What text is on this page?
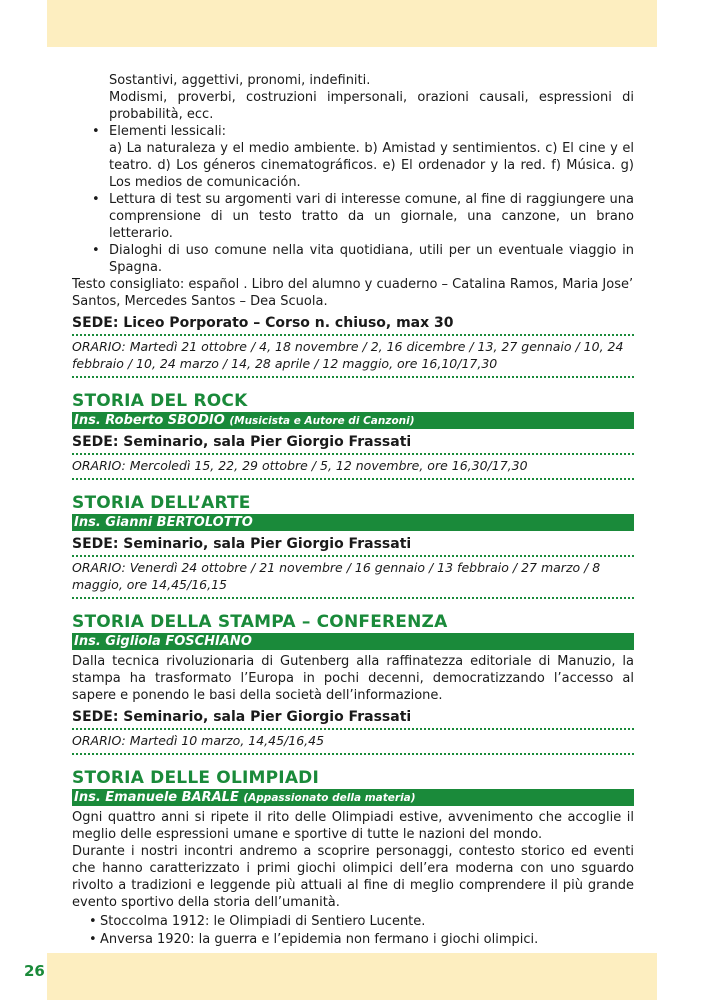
Sostantivi, aggettivi, pronomi, indefiniti.
Modismi, proverbi, costruzioni impersonali, orazioni causali, espressioni di probabilità, ecc.
• Elementi lessicali:
a) La naturaleza y el medio ambiente. b) Amistad y sentimientos. c) El cine y el teatro. d) Los géneros cinematográficos. e) El ordenador y la red. f) Música. g) Los medios de comunicación.
• Lettura di test su argomenti vari di interesse comune, al fine di raggiungere una comprensione di un testo tratto da un giornale, una canzone, un brano letterario.
• Dialoghi di uso comune nella vita quotidiana, utili per un eventuale viaggio in Spagna.
Testo consigliato: español . Libro del alumno y cuaderno – Catalina Ramos, Maria Jose’ Santos, Mercedes Santos – Dea Scuola.
SEDE: Liceo Porporato – Corso n. chiuso, max 30
ORARIO: Martedì 21 ottobre / 4, 18 novembre / 2, 16 dicembre / 13, 27 gennaio / 10, 24 febbraio / 10, 24 marzo / 14, 28 aprile / 12 maggio, ore 16,10/17,30
STORIA DEL ROCK
Ins. Roberto SBODIO (Musicista e Autore di Canzoni)
SEDE: Seminario, sala Pier Giorgio Frassati
ORARIO: Mercoledì 15, 22, 29 ottobre / 5, 12 novembre, ore 16,30/17,30
STORIA DELL’ARTE
Ins. Gianni BERTOLOTTO
SEDE: Seminario, sala Pier Giorgio Frassati
ORARIO: Venerdì 24 ottobre / 21 novembre / 16 gennaio / 13 febbraio / 27 marzo / 8 maggio, ore 14,45/16,15
STORIA DELLA STAMPA – CONFERENZA
Ins. Gigliola FOSCHIANO
Dalla tecnica rivoluzionaria di Gutenberg alla raffinatezza editoriale di Manuzio, la stampa ha trasformato l’Europa in pochi decenni, democratizzando l’accesso al sapere e ponendo le basi della società dell’informazione.
SEDE: Seminario, sala Pier Giorgio Frassati
ORARIO: Martedì 10 marzo, 14,45/16,45
STORIA DELLE OLIMPIADI
Ins. Emanuele BARALE (Appassionato della materia)
Ogni quattro anni si ripete il rito delle Olimpiadi estive, avvenimento che accoglie il meglio delle espressioni umane e sportive di tutte le nazioni del mondo.
Durante i nostri incontri andremo a scoprire personaggi, contesto storico ed eventi che hanno caratterizzato i primi giochi olimpici dell’era moderna con uno sguardo rivolto a tradizioni e leggende più attuali al fine di meglio comprendere il più grande evento sportivo della storia dell’umanità.
• Stoccolma 1912: le Olimpiadi di Sentiero Lucente.
• Anversa 1920: la guerra e l’epidemia non fermano i giochi olimpici.
26
